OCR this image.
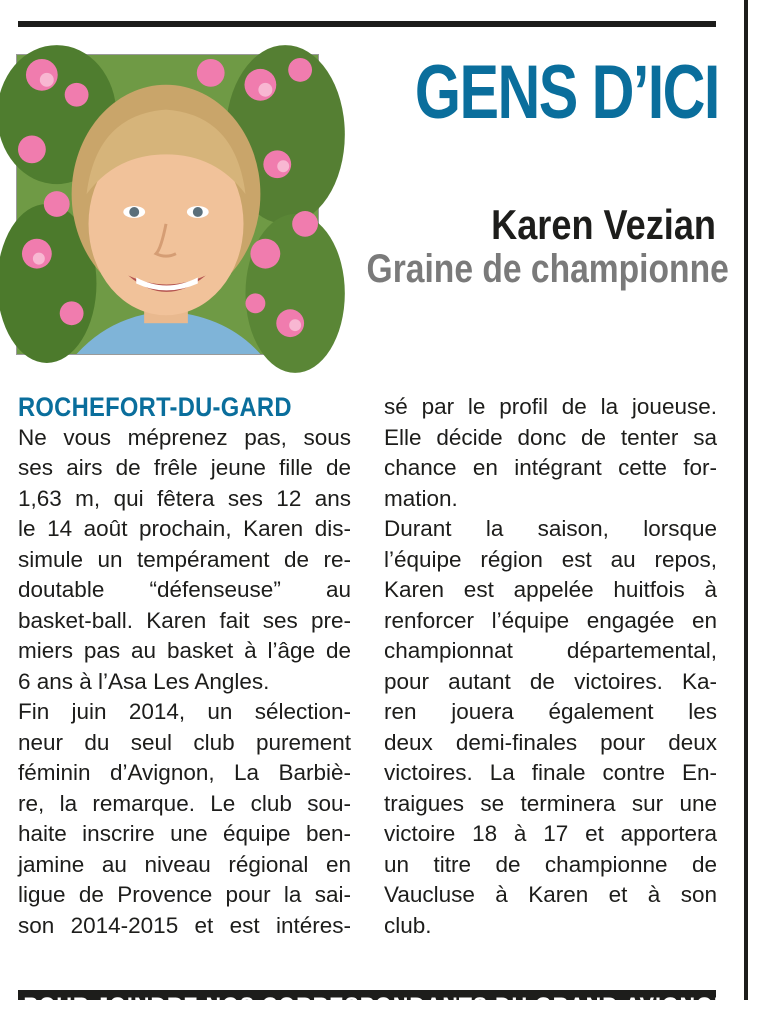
GENS D’ICI
Karen Vezian
Graine de championne
ROCHEFORT-DU-GARD
Ne vous méprenez pas, sous
ses airs de frêle jeune fille de
1,63 m, qui fêtera ses 12 ans
le 14 août prochain, Karen dis-
simule un tempérament de re-
doutable “défenseuse” au
basket-ball. Karen fait ses pre-
miers pas au basket à l’âge de
6 ans à l’Asa Les Angles.
Fin juin 2014, un sélection-
neur du seul club purement
féminin d’Avignon, La Barbiè-
re, la remarque. Le club sou-
haite inscrire une équipe ben-
jamine au niveau régional en
ligue de Provence pour la sai-
son 2014-2015 et est intéres-
sé par le profil de la joueuse.
Elle décide donc de tenter sa
chance en intégrant cette for-
mation.
Durant la saison, lorsque
l’équipe région est au repos,
Karen est appelée huitfois à
renforcer l’équipe engagée en
championnat départemental,
pour autant de victoires. Ka-
ren jouera également les
deux demi-finales pour deux
victoires. La finale contre En-
traigues se terminera sur une
victoire 18 à 17 et apportera
un titre de championne de
Vaucluse à Karen et à son
club.
POUR JOINDRE NOS CORRESPONDANTS DU GRAND AVIGNON
